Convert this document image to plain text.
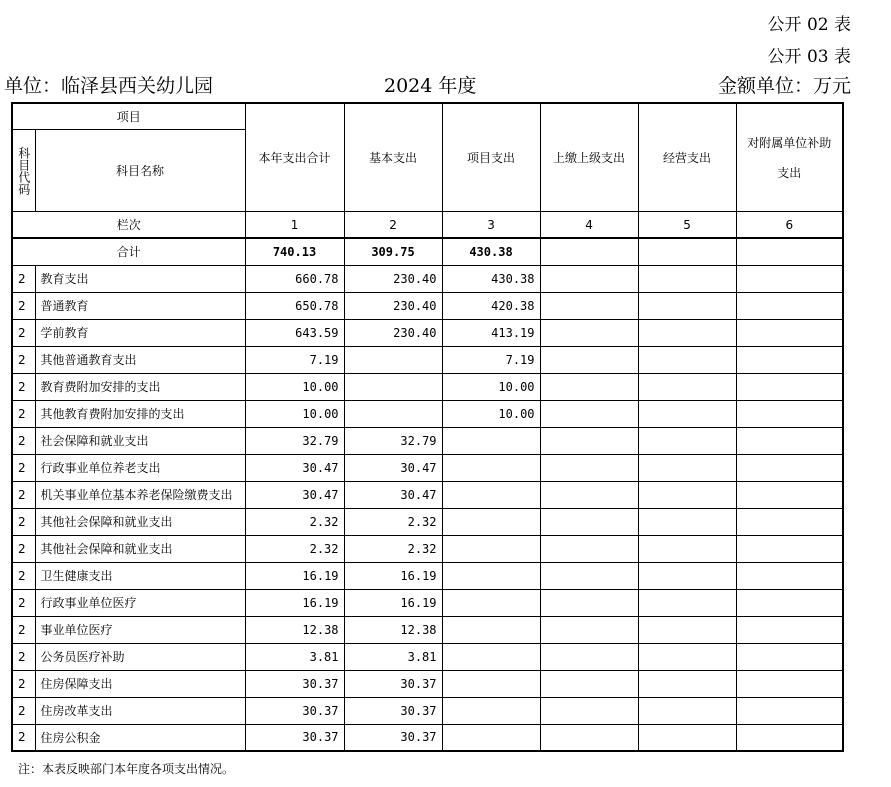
公开 02 表
公开 03 表
单位：临泽县西关幼儿园	2024 年度	金额单位：万元
项目		本年支出合计	基本支出	项目支出	上缴上级支出	经营支出	对附属单位补助支出
科目代码	科目名称						
栏次		1	2	3	4	5	6
合计		740.13	309.75	430.38			
2	教育支出	660.78	230.40	430.38			
2	普通教育	650.78	230.40	420.38			
2	学前教育	643.59	230.40	413.19			
2	其他普通教育支出	7.19		7.19			
2	教育费附加安排的支出	10.00		10.00			
2	其他教育费附加安排的支出	10.00		10.00			
2	社会保障和就业支出	32.79	32.79				
2	行政事业单位养老支出	30.47	30.47				
2	机关事业单位基本养老保险缴费支出	30.47	30.47				
2	其他社会保障和就业支出	2.32	2.32				
2	其他社会保障和就业支出	2.32	2.32				
2	卫生健康支出	16.19	16.19				
2	行政事业单位医疗	16.19	16.19				
2	事业单位医疗	12.38	12.38				
2	公务员医疗补助	3.81	3.81				
2	住房保障支出	30.37	30.37				
2	住房改革支出	30.37	30.37				
2	住房公积金	30.37	30.37				
注：本表反映部门本年度各项支出情况。
